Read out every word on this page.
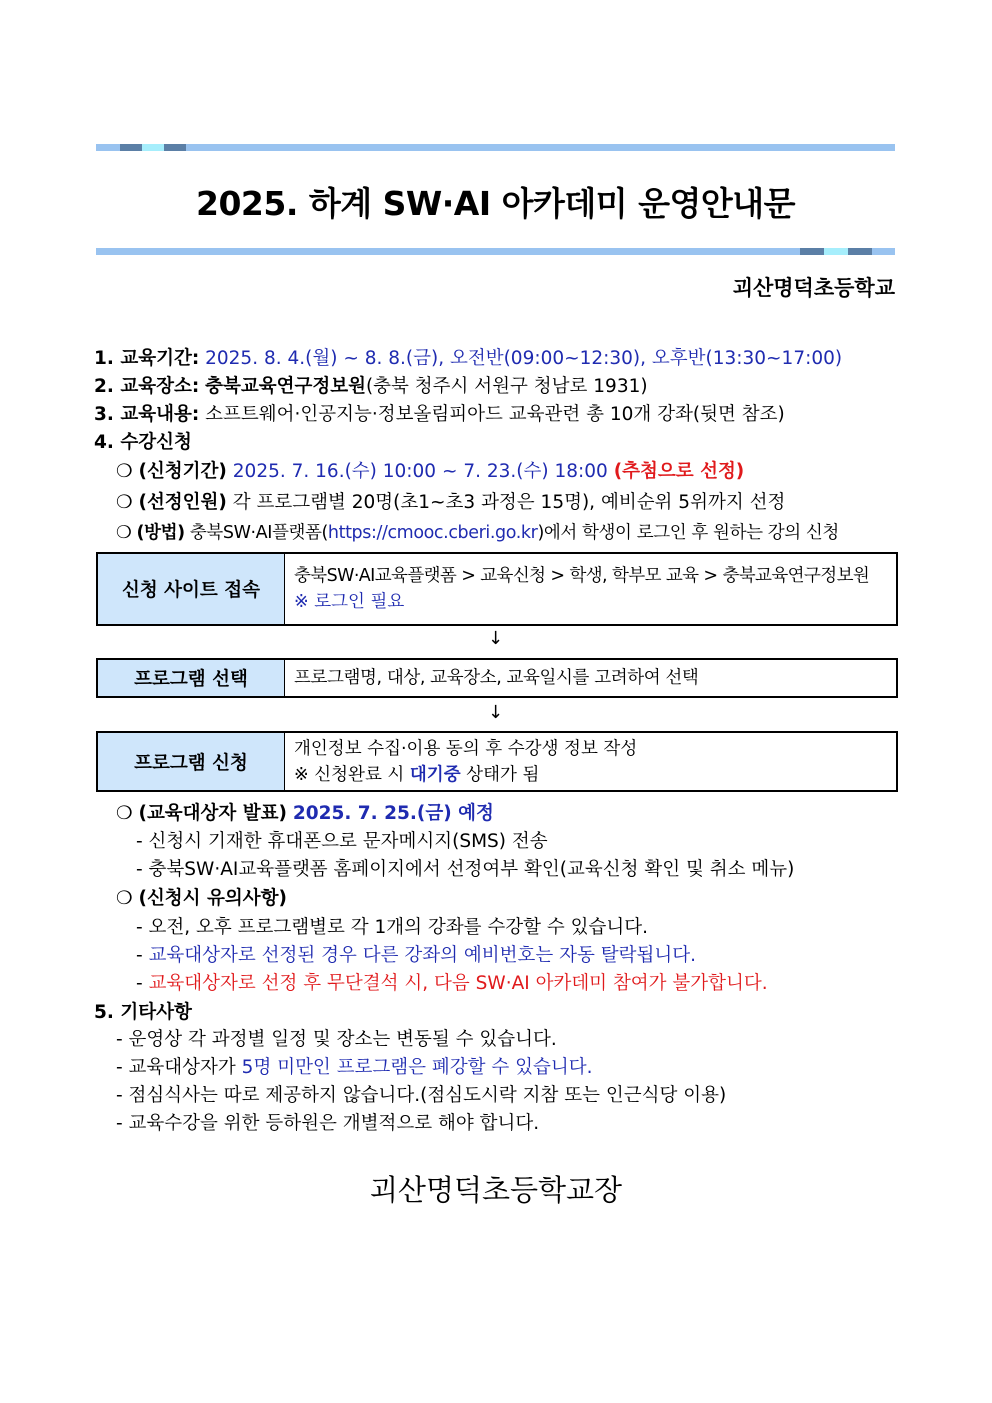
2025. 하계 SW·AI 아카데미 운영안내문
괴산명덕초등학교
1. 교육기간: 2025. 8. 4.(월) ~ 8. 8.(금), 오전반(09:00~12:30), 오후반(13:30~17:00)
2. 교육장소: 충북교육연구정보원(충북 청주시 서원구 청남로 1931)
3. 교육내용: 소프트웨어·인공지능·정보올림피아드 교육관련 총 10개 강좌(뒷면 참조)
4. 수강신청
❍ (신청기간) 2025. 7. 16.(수) 10:00 ~ 7. 23.(수) 18:00 (추첨으로 선정)
❍ (선정인원) 각 프로그램별 20명(초1~초3 과정은 15명), 예비순위 5위까지 선정
❍ (방법) 충북SW·AI플랫폼(https://cmooc.cberi.go.kr)에서 학생이 로그인 후 원하는 강의 신청
신청 사이트 접속
충북SW·AI교육플랫폼 > 교육신청 > 학생, 학부모 교육 > 충북교육연구정보원
※ 로그인 필요
↓
프로그램 선택	프로그램명, 대상, 교육장소, 교육일시를 고려하여 선택
↓
프로그램 신청
개인정보 수집·이용 동의 후 수강생 정보 작성
※ 신청완료 시 대기중 상태가 됨
❍ (교육대상자 발표) 2025. 7. 25.(금) 예정
- 신청시 기재한 휴대폰으로 문자메시지(SMS) 전송
- 충북SW·AI교육플랫폼 홈페이지에서 선정여부 확인(교육신청 확인 및 취소 메뉴)
❍ (신청시 유의사항)
- 오전, 오후 프로그램별로 각 1개의 강좌를 수강할 수 있습니다.
- 교육대상자로 선정된 경우 다른 강좌의 예비번호는 자동 탈락됩니다.
- 교육대상자로 선정 후 무단결석 시, 다음 SW·AI 아카데미 참여가 불가합니다.
5. 기타사항
- 운영상 각 과정별 일정 및 장소는 변동될 수 있습니다.
- 교육대상자가 5명 미만인 프로그램은 폐강할 수 있습니다.
- 점심식사는 따로 제공하지 않습니다.(점심도시락 지참 또는 인근식당 이용)
- 교육수강을 위한 등하원은 개별적으로 해야 합니다.
괴산명덕초등학교장
